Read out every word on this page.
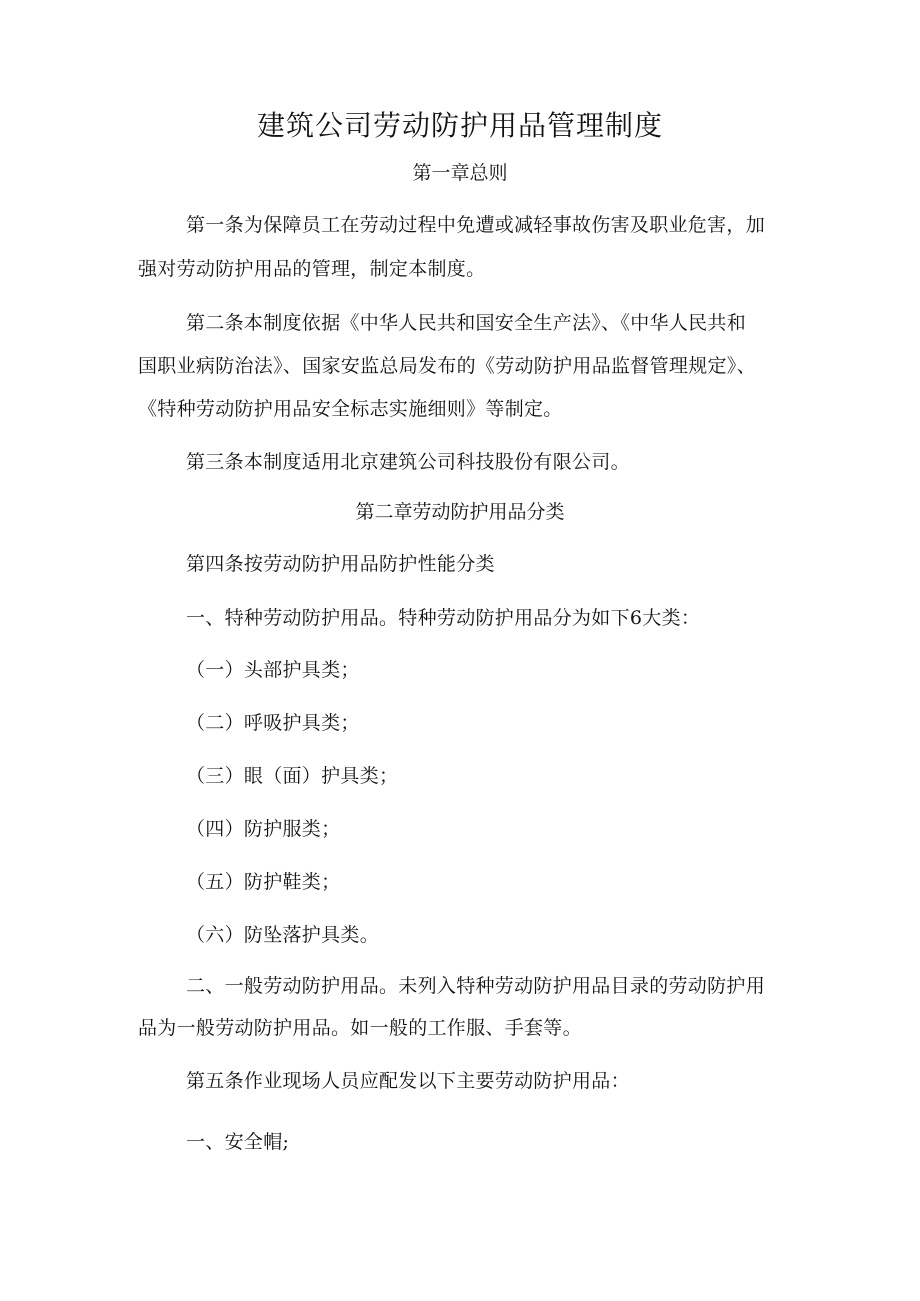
建筑公司劳动防护用品管理制度
第一章总则
第一条为保障员工在劳动过程中免遭或减轻事故伤害及职业危害，加
强对劳动防护用品的管理，制定本制度。
第二条本制度依据《中华人民共和国安全生产法》、《中华人民共和
国职业病防治法》、国家安监总局发布的《劳动防护用品监督管理规定》、
《特种劳动防护用品安全标志实施细则》等制定。
第三条本制度适用北京建筑公司科技股份有限公司。
第二章劳动防护用品分类
第四条按劳动防护用品防护性能分类
一、特种劳动防护用品。特种劳动防护用品分为如下6大类：
（一）头部护具类；
（二）呼吸护具类；
（三）眼（面）护具类；
（四）防护服类；
（五）防护鞋类；
（六）防坠落护具类。
二、一般劳动防护用品。未列入特种劳动防护用品目录的劳动防护用
品为一般劳动防护用品。如一般的工作服、手套等。
第五条作业现场人员应配发以下主要劳动防护用品：
一、安全帽;
